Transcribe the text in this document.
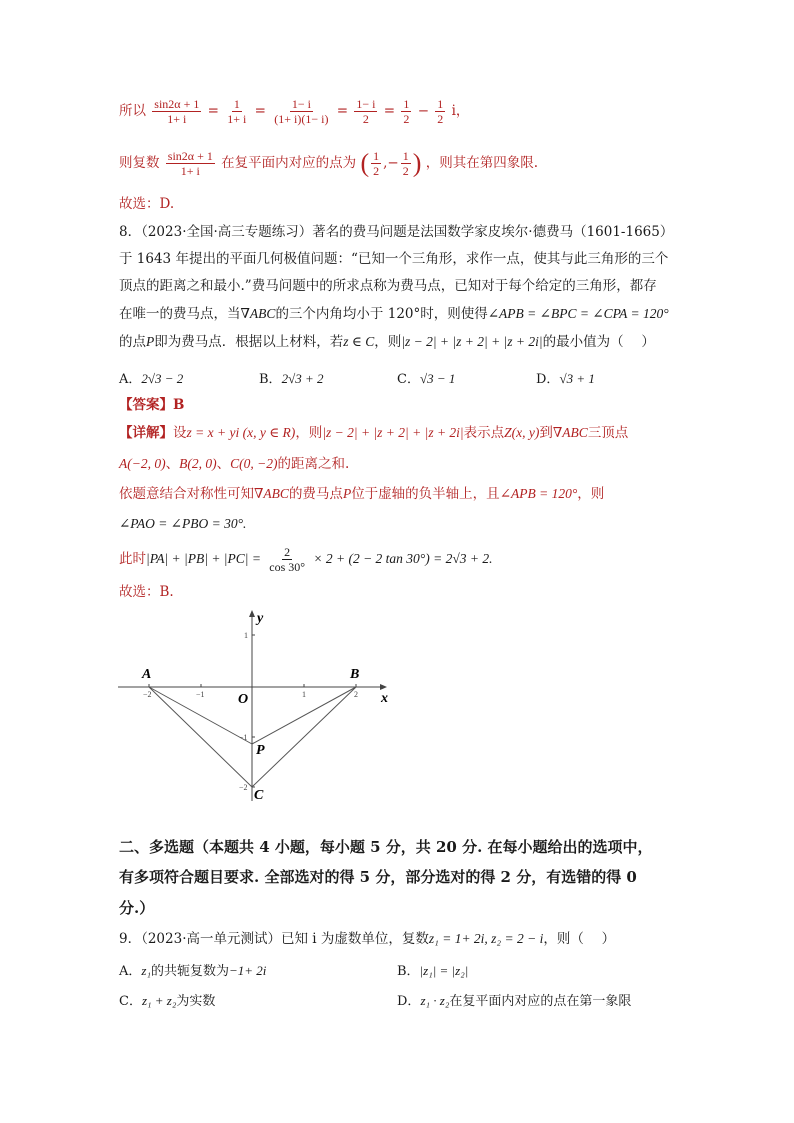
所以 $\frac{\sin 2\alpha + 1}{1+ i} = \frac{1}{1+ i} = \frac{1- i}{(1+ i)(1- i)} = \frac{1- i}{2} = \frac{1}{2} - \frac{1}{2}$ i，
则复数 $\frac{\sin 2\alpha + 1}{1+ i}$ 在复平面内对应的点为 ( $\frac{1}{2}$ ,− $\frac{1}{2}$ ) ，则其在第四象限.
故选：D.
8．（2023·全国·高三专题练习）著名的费马问题是法国数学家皮埃尔·德费马（1601-1665）
于 1643 年提出的平面几何极值问题：“已知一个三角形，求作一点，使其与此三角形的三个
顶点的距离之和最小.”费马问题中的所求点称为费马点，已知对于每个给定的三角形，都存
在唯一的费马点，当∇ABC的三个内角均小于 120°时，则使得∠APB = ∠BPC = ∠CPA = 120°
的点P即为费马点．根据以上材料，若z ∈ C，则|z − 2| + |z + 2| + |z + 2i|的最小值为（　 ）
A．2√3 − 2	B．2√3 + 2	C．√3 − 1	D．√3 + 1
【答案】B
【详解】设z = x + yi (x, y ∈ R)，则|z − 2| + |z + 2| + |z + 2i|表示点Z(x, y)到∇ABC三顶点
A(−2, 0)、B(2, 0)、C(0, −2)的距离之和.
依题意结合对称性可知∇ABC的费马点P位于虚轴的负半轴上，且∠APB = 120°，则
∠PAO = ∠PBO = 30°.
此时$|PA| + |PB| + |PC| = \frac{2}{\cos 30^\circ} \times 2 + (2 - 2$ tan 30°) = 2√3 + 2.
故选：B.
−2	−1	1	2
1
−1
−2
A	B
C
P
O	x
y
二、多选题（本题共 4 小题，每小题 5 分，共 20 分. 在每小题给出的选项中，
有多项符合题目要求. 全部选对的得 5 分，部分选对的得 2 分，有选错的得 0
分.）
9．（2023·高一单元测试）已知 i 为虚数单位，复数z₁ = 1+ 2i, z₂ = 2 − i，则（　 ）
A．z₁的共轭复数为−1+ 2i	B．|z₁| = |z₂|
C．z₁ + z₂为实数	D．z₁ · z₂在复平面内对应的点在第一象限
